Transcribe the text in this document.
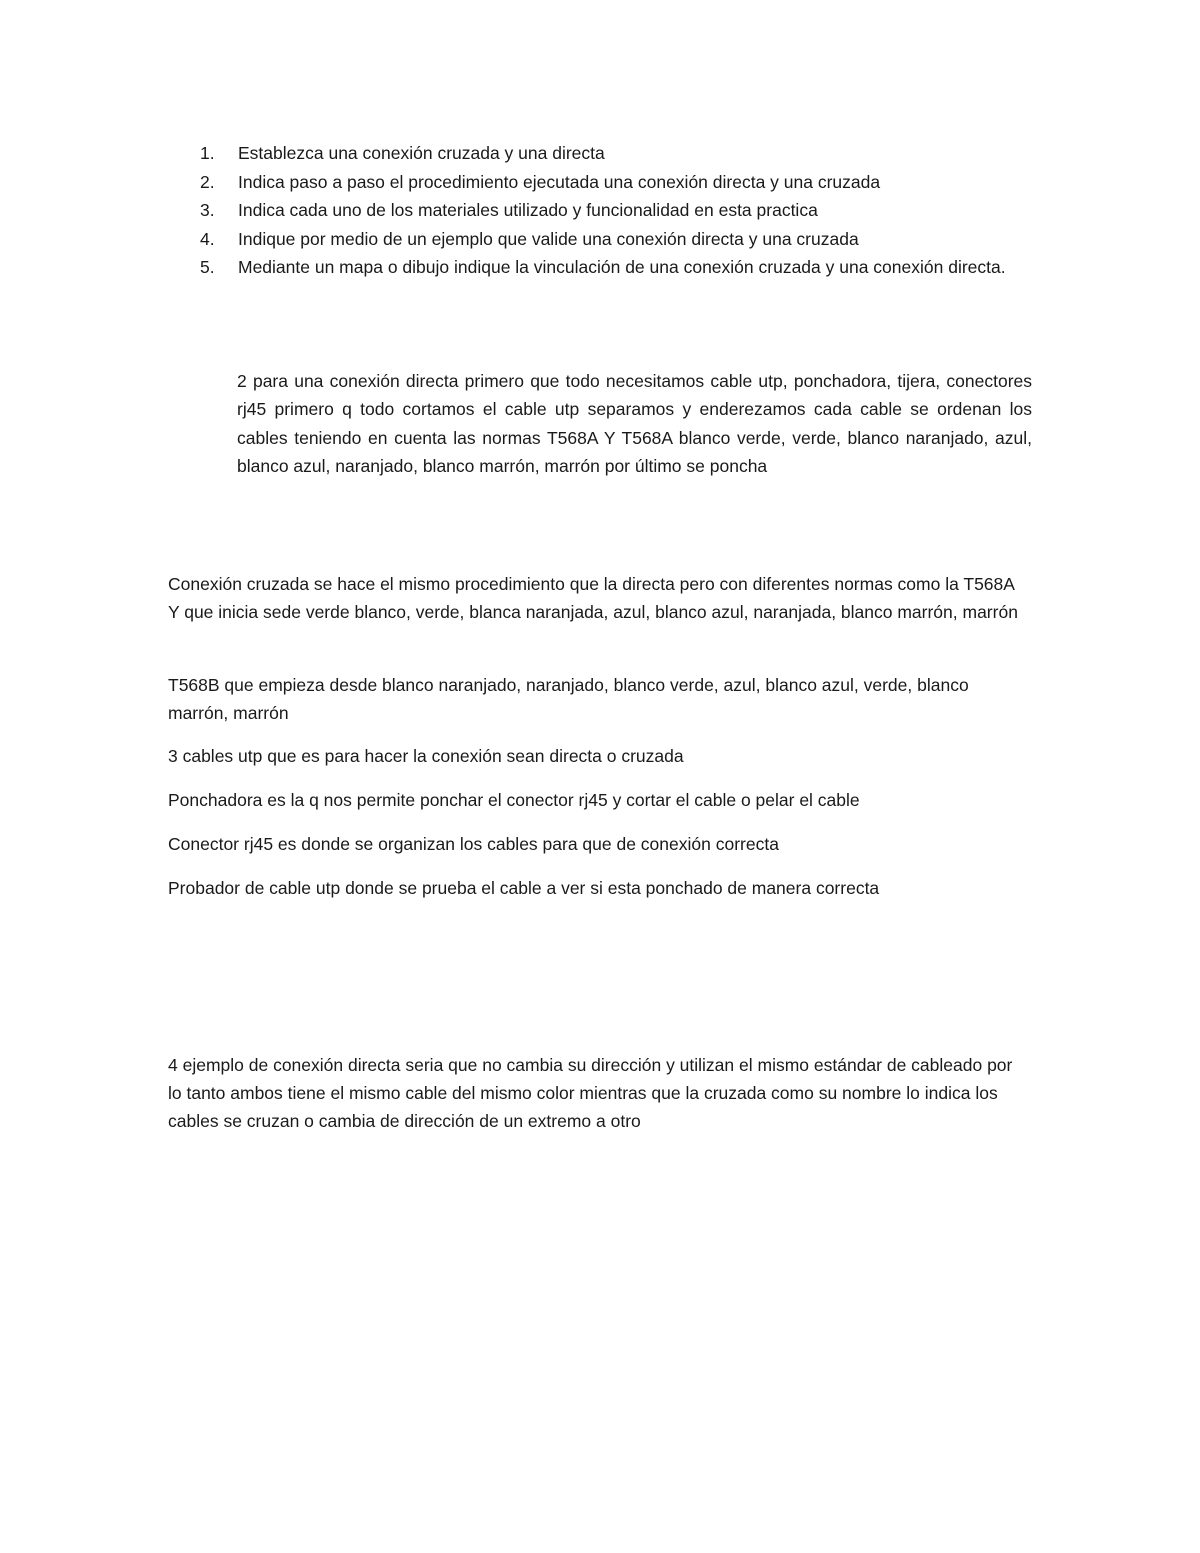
1.	Establezca una conexión cruzada y una directa
2.	Indica paso a paso el procedimiento ejecutada una conexión directa y una cruzada
3.	Indica cada uno de los materiales utilizado y funcionalidad en esta practica
4.	Indique por medio de un ejemplo que valide una conexión directa y una cruzada
5.	Mediante un mapa o dibujo indique la vinculación de una conexión cruzada y una conexión directa.

2 para una conexión directa primero que todo necesitamos cable utp, ponchadora, tijera, conectores rj45 primero q todo cortamos el cable utp separamos y enderezamos cada cable se ordenan los cables teniendo en cuenta las normas T568A Y T568A blanco verde, verde, blanco naranjado, azul, blanco azul, naranjado, blanco marrón, marrón por último se poncha

Conexión cruzada se hace el mismo procedimiento que la directa pero con diferentes normas como la T568A Y que inicia sede verde blanco, verde, blanca naranjada, azul, blanco azul, naranjada, blanco marrón, marrón

T568B que empieza desde blanco naranjado, naranjado, blanco verde, azul, blanco azul, verde, blanco marrón, marrón

3 cables utp que es para hacer la conexión sean directa o cruzada

Ponchadora es la q nos permite ponchar el conector rj45 y cortar el cable o pelar el cable

Conector rj45 es donde se organizan los cables para que de conexión correcta

Probador de cable utp donde se prueba el cable a ver si esta ponchado de manera correcta

4 ejemplo de conexión directa seria que no cambia su dirección y utilizan el mismo estándar de cableado por lo tanto ambos tiene el mismo cable del mismo color mientras que la cruzada como su nombre lo indica los cables se cruzan o cambia de dirección de un extremo a otro
